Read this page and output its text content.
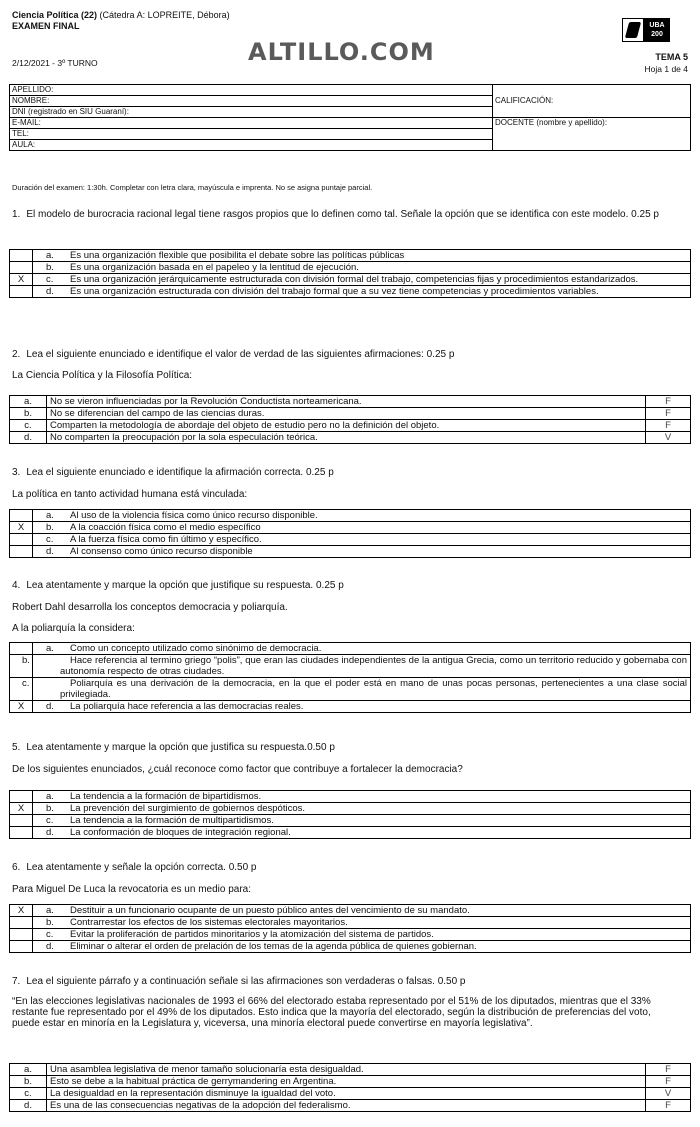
Ciencia Política (22) (Cátedra A: LOPREITE, Débora)
EXAMEN FINAL
2/12/2021 - 3º TURNO	ALTILLO.COM
UBA
200
TEMA 5
Hoja 1 de 4
APELLIDO:	CALIFICACIÓN:
NOMBRE:	
DNI (registrado en SIU Guaraní):	
E-MAIL:	DOCENTE (nombre y apellido):
TEL:	
AULA:	
Duración del examen: 1:30h. Completar con letra clara, mayúscula e imprenta. No se asigna puntaje parcial.
1. El modelo de burocracia racional legal tiene rasgos propios que lo definen como tal. Señale la opción que se identifica con este modelo. 0.25 p
	a. Es una organización flexible que posibilita el debate sobre las políticas públicas
	b. Es una organización basada en el papeleo y la lentitud de ejecución.
X	c. Es una organización jerárquicamente estructurada con división formal del trabajo, competencias fijas y procedimientos estandarizados.
	d. Es una organización estructurada con división del trabajo formal que a su vez tiene competencias y procedimientos variables.
2. Lea el siguiente enunciado e identifique el valor de verdad de las siguientes afirmaciones: 0.25 p
La Ciencia Política y la Filosofía Política:
a.	No se vieron influenciadas por la Revolución Conductista norteamericana.	F
b.	No se diferencian del campo de las ciencias duras.	F
c.	Comparten la metodología de abordaje del objeto de estudio pero no la definición del objeto.	F
d.	No comparten la preocupación por la sola especulación teórica.	V
3. Lea el siguiente enunciado e identifique la afirmación correcta. 0.25 p
La política en tanto actividad humana está vinculada:
	a. Al uso de la violencia física como único recurso disponible.
X	b. A la coacción física como el medio específico
	c. A la fuerza física como fin último y específico.
	d. Al consenso como único recurso disponible
4. Lea atentamente y marque la opción que justifique su respuesta. 0.25 p
Robert Dahl desarrolla los conceptos democracia y poliarquía.
A la poliarquía la considera:
	a. Como un concepto utilizado como sinónimo de democracia.
	b. Hace referencia al termino griego “polis”, que eran las ciudades independientes de la antigua Grecia, como un territorio reducido y gobernaba con autonomía respecto de otras ciudades.
	c. Poliarquía es una derivación de la democracia, en la que el poder está en mano de unas pocas personas, pertenecientes a una clase social privilegiada.
X	d. La poliarquía hace referencia a las democracias reales.
5. Lea atentamente y marque la opción que justifica su respuesta.0.50 p
De los siguientes enunciados, ¿cuál reconoce como factor que contribuye a fortalecer la democracia?
	a. La tendencia a la formación de bipartidismos.
X	b. La prevención del surgimiento de gobiernos despóticos.
	c. La tendencia a la formación de multipartidismos.
	d. La conformación de bloques de integración regional.
6. Lea atentamente y señale la opción correcta. 0.50 p
Para Miguel De Luca la revocatoria es un medio para:
X	a. Destituir a un funcionario ocupante de un puesto público antes del vencimiento de su mandato.
	b. Contrarrestar los efectos de los sistemas electorales mayoritarios.
	c. Evitar la proliferación de partidos minoritarios y la atomización del sistema de partidos.
	d. Eliminar o alterar el orden de prelación de los temas de la agenda pública de quienes gobiernan.
7. Lea el siguiente párrafo y a continuación señale si las afirmaciones son verdaderas o falsas. 0.50 p
“En las elecciones legislativas nacionales de 1993 el 66% del electorado estaba representado por el 51% de los diputados, mientras que el 33% restante fue representado por el 49% de los diputados. Esto indica que la mayoría del electorado, según la distribución de preferencias del voto, puede estar en minoría en la Legislatura y, viceversa, una minoría electoral puede convertirse en mayoría legislativa”.
a.	Una asamblea legislativa de menor tamaño solucionaría esta desigualdad.	F
b.	Esto se debe a la habitual práctica de gerrymandering en Argentina.	F
c.	La desigualdad en la representación disminuye la igualdad del voto.	V
d.	Es una de las consecuencias negativas de la adopción del federalismo.	F
